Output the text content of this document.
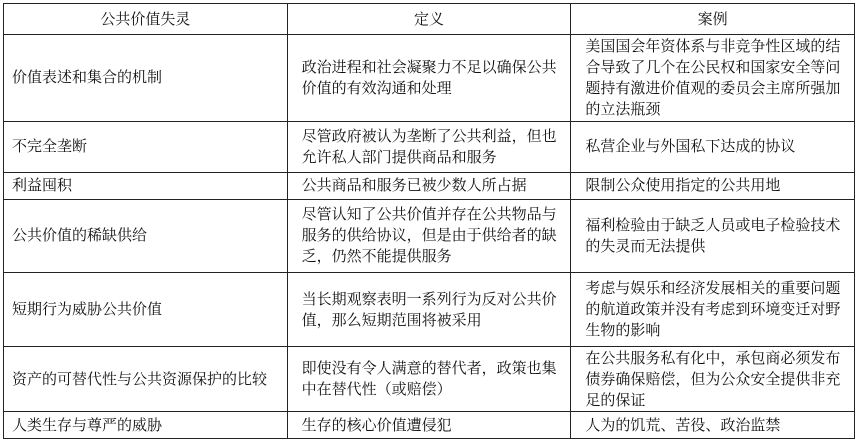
公共价值失灵	定义	案例
价值表述和集合的机制	政治进程和社会凝聚力不足以确保公共价值的有效沟通和处理	美国国会年资体系与非竞争性区域的结合导致了几个在公民权和国家安全等问题持有激进价值观的委员会主席所强加的立法瓶颈
不完全垄断	尽管政府被认为垄断了公共利益，但也允许私人部门提供商品和服务	私营企业与外国私下达成的协议
利益囤积	公共商品和服务已被少数人所占据	限制公众使用指定的公共用地
公共价值的稀缺供给	尽管认知了公共价值并存在公共物品与服务的供给协议，但是由于供给者的缺乏，仍然不能提供服务	福利检验由于缺乏人员或电子检验技术的失灵而无法提供
短期行为威胁公共价值	当长期观察表明一系列行为反对公共价值，那么短期范围将被采用	考虑与娱乐和经济发展相关的重要问题的航道政策并没有考虑到环境变迁对野生物的影响
资产的可替代性与公共资源保护的比较	即使没有令人满意的替代者，政策也集中在替代性（或赔偿）	在公共服务私有化中，承包商必须发布债券确保赔偿，但为公众安全提供非充足的保证
人类生存与尊严的威胁	生存的核心价值遭侵犯	人为的饥荒、苦役、政治监禁
